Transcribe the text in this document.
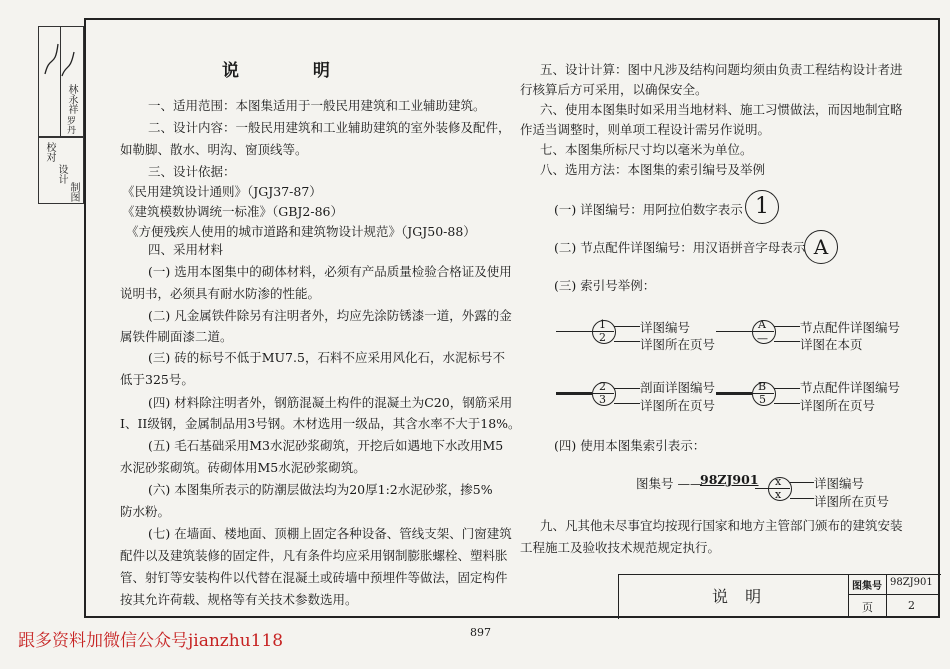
林永祥
罗丹
校对
设计
制图
说 明
一、适用范围：本图集适用于一般民用建筑和工业辅助建筑。
二、设计内容：一般民用建筑和工业辅助建筑的室外装修及配件，
如勒脚、散水、明沟、窗顶线等。
三、设计依据：
《民用建筑设计通则》（JGJ37-87）
《建筑模数协调统一标准》（GBJ2-86）
《方便残疾人使用的城市道路和建筑物设计规范》（JGJ50-88）
四、采用材料
(一) 选用本图集中的砌体材料，必须有产品质量检验合格证及使用
说明书，必须具有耐水防渗的性能。
(二) 凡金属铁件除另有注明者外，均应先涂防锈漆一道，外露的金
属铁件刷面漆二道。
(三) 砖的标号不低于MU7.5，石料不应采用风化石，水泥标号不
低于325号。
(四) 材料除注明者外，钢筋混凝土构件的混凝土为C20，钢筋采用
I、II级钢，金属制品用3号钢。木材选用一级品，其含水率不大于18%。
(五) 毛石基础采用M3水泥砂浆砌筑，开挖后如遇地下水改用M5
水泥砂浆砌筑。砖砌体用M5水泥砂浆砌筑。
(六) 本图集所表示的防潮层做法均为20厚1:2水泥砂浆，掺5%
防水粉。
(七) 在墙面、楼地面、顶棚上固定各种设备、管线支架、门窗建筑
配件以及建筑装修的固定件，凡有条件均应采用钢制膨胀螺栓、塑料胀
管、射钉等安装构件以代替在混凝土或砖墙中预埋件等做法，固定构件
按其允许荷载、规格等有关技术参数选用。
五、设计计算：图中凡涉及结构问题均须由负责工程结构设计者进
行核算后方可采用，以确保安全。
六、使用本图集时如采用当地材料、施工习惯做法，而因地制宜略
作适当调整时，则单项工程设计需另作说明。
七、本图集所标尺寸均以毫米为单位。
八、选用方法：本图集的索引编号及举例
(一) 详图编号：用阿拉伯数字表示 1
(二) 节点配件详图编号：用汉语拼音字母表示 A
(三) 索引号举例：
1
2
详图编号
详图所在页号
A
—
节点配件详图编号
详图在本页
2
3
剖面详图编号
详图所在页号
B
5
节点配件详图编号
详图所在页号
(四) 使用本图集索引表示：
图集号 ——
98ZJ901 x
x
详图编号
详图所在页号
九、凡其他未尽事宜均按现行国家和地方主管部门颁布的建筑安装
工程施工及验收技术规范规定执行。
说 明
图集号 98ZJ901
页	2
跟多资料加微信公众号jianzhu118	897
